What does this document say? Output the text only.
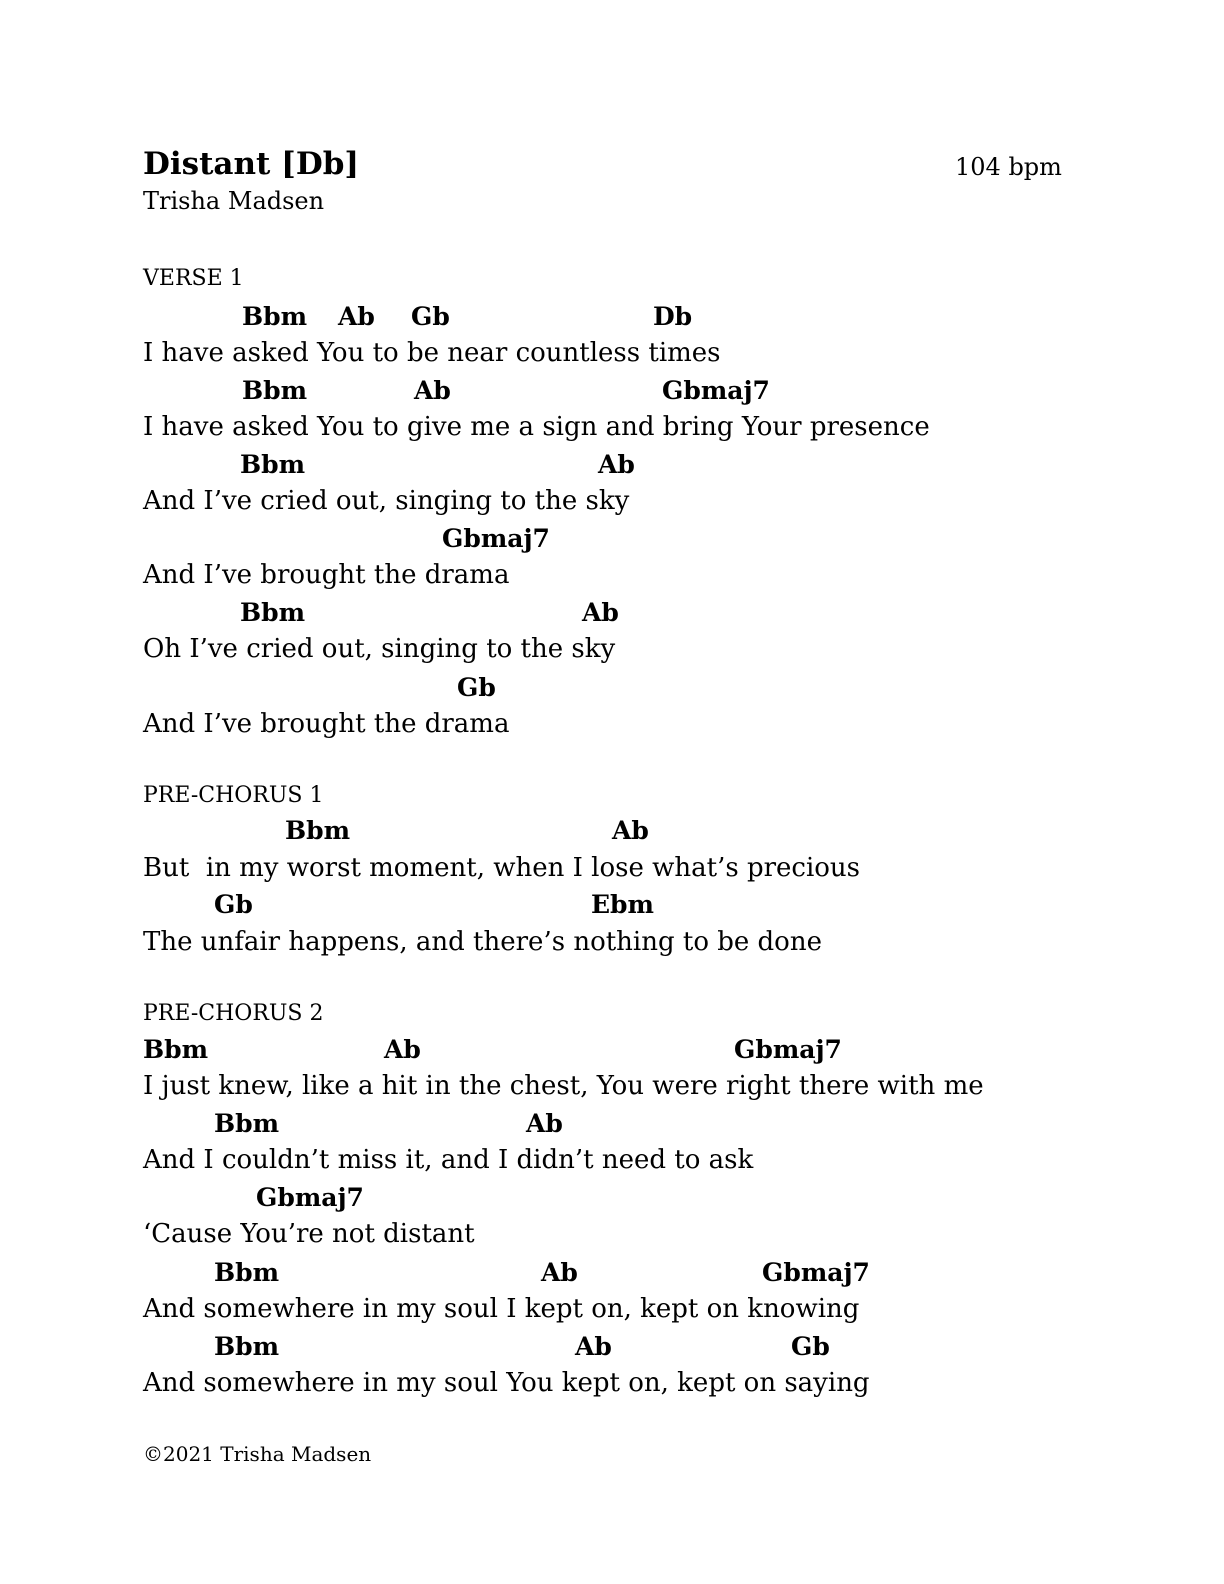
Distant [Db]	104 bpm
Trisha Madsen
VERSE 1
Bbm Ab Gb	Db
I have asked You to be near countless times
Bbm	Ab	Gbmaj7
I have asked You to give me a sign and bring Your presence
Bbm	Ab
And I’ve cried out, singing to the sky
Gbmaj7
And I’ve brought the drama
Bbm	Ab
Oh I’ve cried out, singing to the sky
Gb
And I’ve brought the drama
PRE-CHORUS 1
Bbm	Ab
But  in my worst moment, when I lose what’s precious
Gb	Ebm
The unfair happens, and there’s nothing to be done
PRE-CHORUS 2
Bbm	Ab	Gbmaj7
I just knew, like a hit in the chest, You were right there with me
Bbm	Ab
And I couldn’t miss it, and I didn’t need to ask
Gbmaj7
‘Cause You’re not distant
Bbm	Ab	Gbmaj7
And somewhere in my soul I kept on, kept on knowing
Bbm	Ab	Gb
And somewhere in my soul You kept on, kept on saying
©2021 Trisha Madsen
